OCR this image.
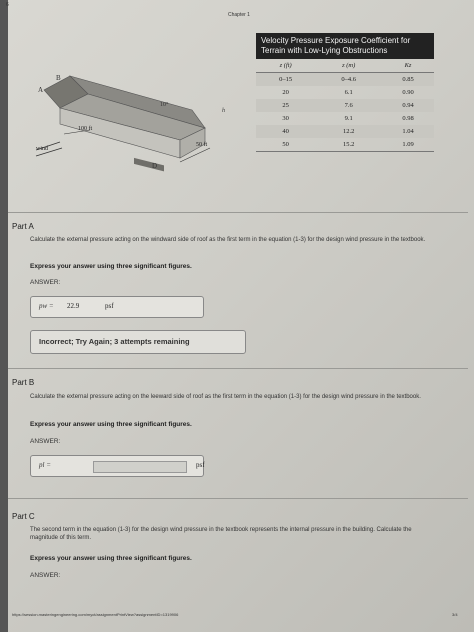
6
Chapter 1
B
A
D
h
10°
100 ft
50 ft
wind
Velocity Pressure Exposure Coefficient for Terrain with Low-Lying Obstructions
z (ft)	z (m)	Kz
0–15	0–4.6	0.85
20	6.1	0.90
25	7.6	0.94
30	9.1	0.98
40	12.2	1.04
50	15.2	1.09
Part A
Calculate the external pressure acting on the windward side of roof as the first term in the equation (1-3) for the design wind pressure in the textbook.
Express your answer using three significant figures.
ANSWER:
pw = 22.9	psf
Incorrect; Try Again; 3 attempts remaining
Part B
Calculate the external pressure acting on the leeward side of roof as the first term in the equation (1-3) for the design wind pressure in the textbook.
Express your answer using three significant figures.
ANSWER:
pl =	psf
Part C
The second term in the equation (1-3) for the design wind pressure in the textbook represents the internal pressure in the building. Calculate the magnitude of this term.
Express your answer using three significant figures.
ANSWER:
https://session.masteringengineering.com/myct/assignmentPrintView?assignmentID=1319906	3/4
